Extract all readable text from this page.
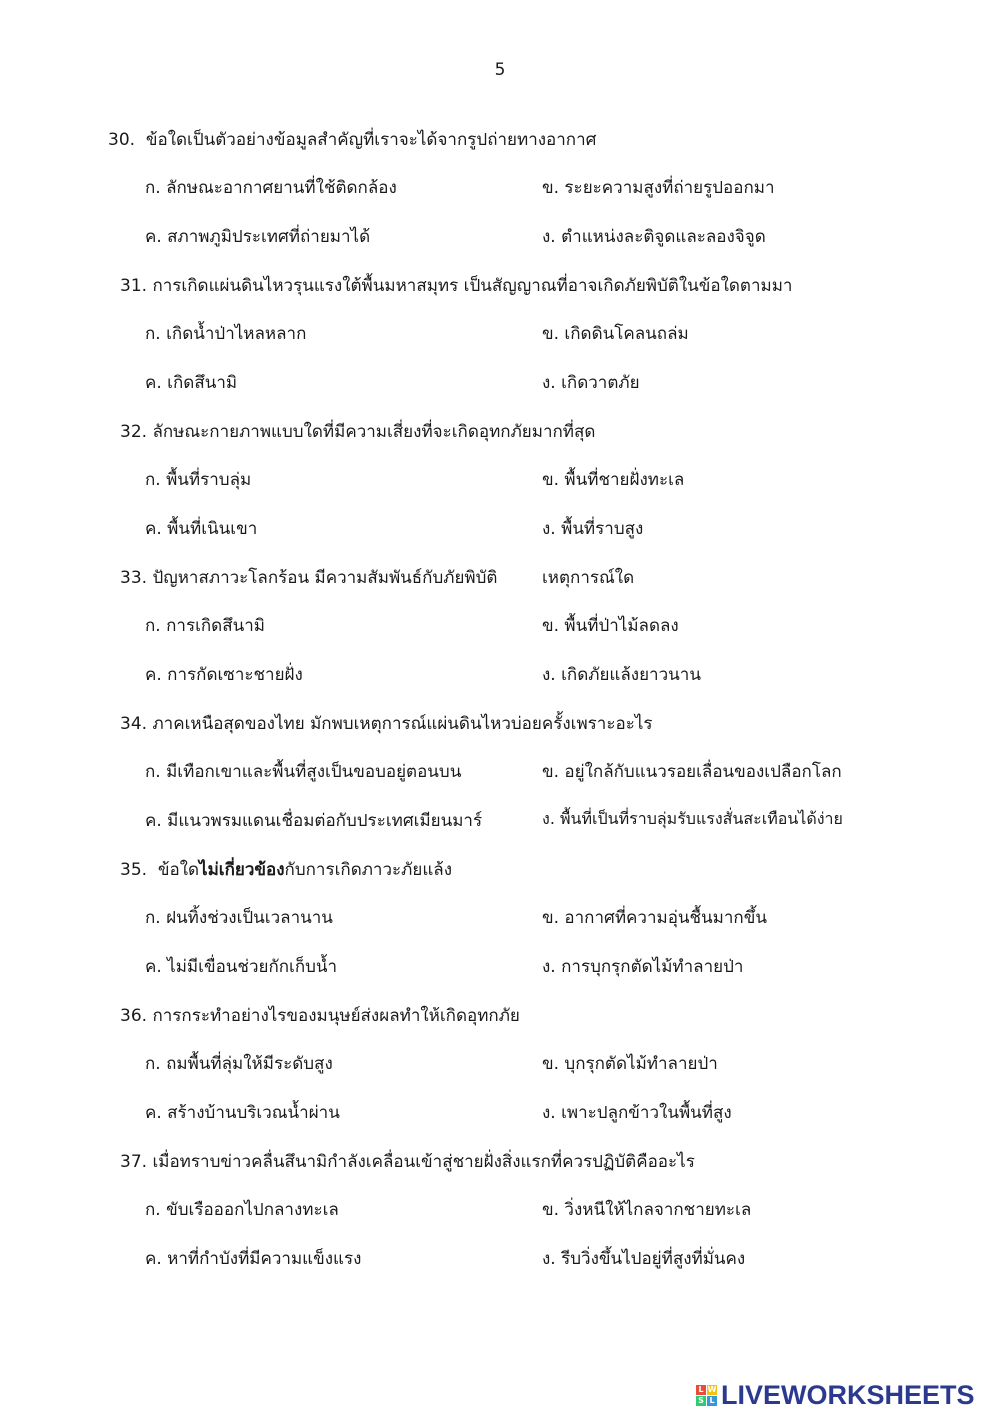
5
30. ข้อใดเป็นตัวอย่างข้อมูลสำคัญที่เราจะได้จากรูปถ่ายทางอากาศ
ก. ลักษณะอากาศยานที่ใช้ติดกล้อง	ข. ระยะความสูงที่ถ่ายรูปออกมา
ค. สภาพภูมิประเทศที่ถ่ายมาได้	ง. ตำแหน่งละติจูดและลองจิจูด
31. การเกิดแผ่นดินไหวรุนแรงใต้พื้นมหาสมุทร เป็นสัญญาณที่อาจเกิดภัยพิบัติในข้อใดตามมา
ก. เกิดน้ำป่าไหลหลาก	ข. เกิดดินโคลนถล่ม
ค. เกิดสึนามิ	ง. เกิดวาตภัย
32. ลักษณะกายภาพแบบใดที่มีความเสี่ยงที่จะเกิดอุทกภัยมากที่สุด
ก. พื้นที่ราบลุ่ม	ข. พื้นที่ชายฝั่งทะเล
ค. พื้นที่เนินเขา	ง. พื้นที่ราบสูง
33. ปัญหาสภาวะโลกร้อน มีความสัมพันธ์กับภัยพิบัติ	เหตุการณ์ใด
ก. การเกิดสึนามิ	ข. พื้นที่ป่าไม้ลดลง
ค. การกัดเซาะชายฝั่ง	ง. เกิดภัยแล้งยาวนาน
34. ภาคเหนือสุดของไทย มักพบเหตุการณ์แผ่นดินไหวบ่อยครั้งเพราะอะไร
ก. มีเทือกเขาและพื้นที่สูงเป็นขอบอยู่ตอนบน	ข. อยู่ใกล้กับแนวรอยเลื่อนของเปลือกโลก
ค. มีแนวพรมแดนเชื่อมต่อกับประเทศเมียนมาร์	ง. พื้นที่เป็นที่ราบลุ่มรับแรงสั่นสะเทือนได้ง่าย
35. ข้อใดไม่เกี่ยวข้องกับการเกิดภาวะภัยแล้ง
ก. ฝนทิ้งช่วงเป็นเวลานาน	ข. อากาศที่ความอุ่นชื้นมากขึ้น
ค. ไม่มีเขื่อนช่วยกักเก็บน้ำ	ง. การบุกรุกตัดไม้ทำลายป่า
36. การกระทำอย่างไรของมนุษย์ส่งผลทำให้เกิดอุทกภัย
ก. ถมพื้นที่ลุ่มให้มีระดับสูง	ข. บุกรุกตัดไม้ทำลายป่า
ค. สร้างบ้านบริเวณน้ำผ่าน	ง. เพาะปลูกข้าวในพื้นที่สูง
37. เมื่อทราบข่าวคลื่นสึนามิกำลังเคลื่อนเข้าสู่ชายฝั่งสิ่งแรกที่ควรปฏิบัติคืออะไร
ก. ขับเรือออกไปกลางทะเล	ข. วิ่งหนีให้ไกลจากชายทะเล
ค. หาที่กำบังที่มีความแข็งแรง	ง. รีบวิ่งขึ้นไปอยู่ที่สูงที่มั่นคง
L W
S L LIVEWORKSHEETS
